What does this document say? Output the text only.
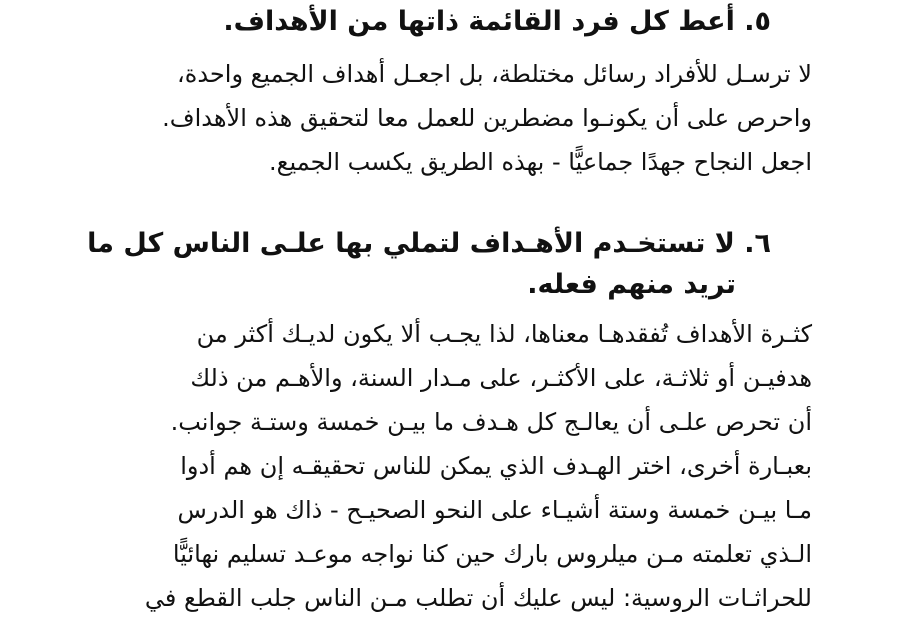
٥. أعط كل فرد القائمة ذاتها من الأهداف.
لا ترسـل للأفراد رسائل مختلطة، بل اجعـل أهداف الجميع واحدة،
واحرص على أن يكونـوا مضطرين للعمل معا لتحقيق هذه الأهداف.
اجعل النجاح جهدًا جماعيًّا - بهذه الطريق يكسب الجميع.
٦. لا تستخـدم الأهـداف لتملي بها علـى الناس كل ما
تريد منهم فعله.
كثـرة الأهداف تُفقدهـا معناها، لذا يجـب ألا يكون لديـك أكثر من
هدفيـن أو ثلاثـة، على الأكثـر، على مـدار السنة، والأهـم من ذلك
أن تحرص علـى أن يعالـج كل هـدف ما بيـن خمسة وستـة جوانب.
بعبـارة أخرى، اختر الهـدف الذي يمكن للناس تحقيقـه إن هم أدوا
مـا بيـن خمسة وستة أشيـاء على النحو الصحيـح - ذاك هو الدرس
الـذي تعلمته مـن ميلروس بارك حين كنا نواجه موعـد تسليم نهائيًّا
للحراثـات الروسية: ليس عليك أن تطلب مـن الناس جلب القطع في
